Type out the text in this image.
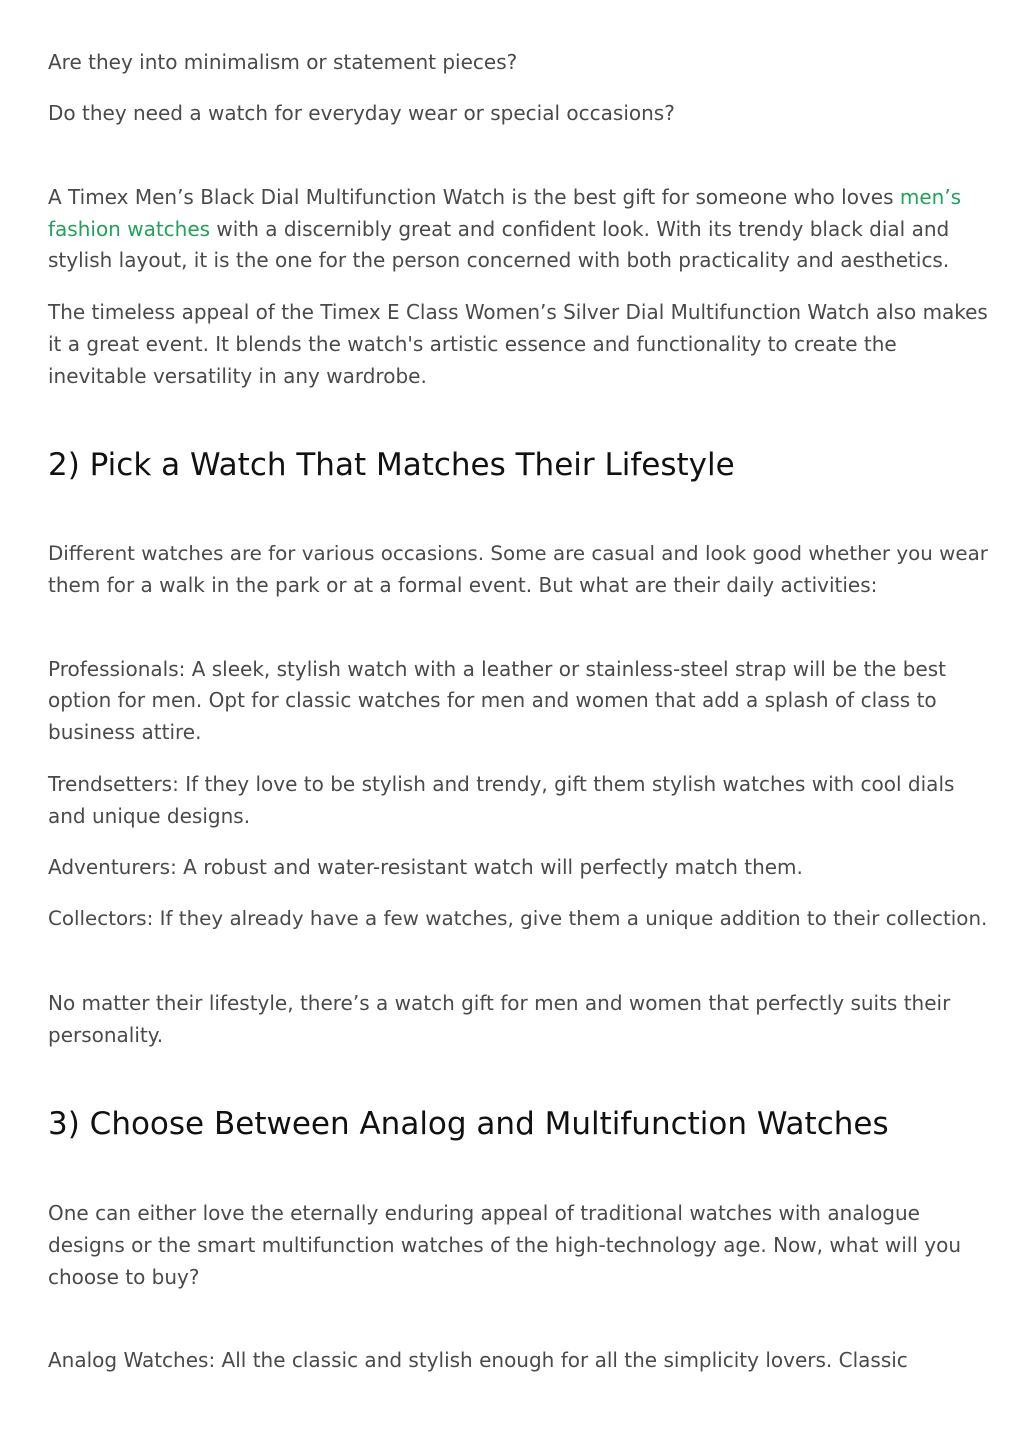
Are they into minimalism or statement pieces?

Do they need a watch for everyday wear or special occasions?

A Timex Men’s Black Dial Multifunction Watch is the best gift for someone who loves men’s

fashion watches with a discernibly great and confident look. With its trendy black dial and

stylish layout, it is the one for the person concerned with both practicality and aesthetics.

The timeless appeal of the Timex E Class Women’s Silver Dial Multifunction Watch also makes

it a great event. It blends the watch's artistic essence and functionality to create the

inevitable versatility in any wardrobe.

2) Pick a Watch That Matches Their Lifestyle

Different watches are for various occasions. Some are casual and look good whether you wear

them for a walk in the park or at a formal event. But what are their daily activities:

Professionals: A sleek, stylish watch with a leather or stainless-steel strap will be the best

option for men. Opt for classic watches for men and women that add a splash of class to

business attire.

Trendsetters: If they love to be stylish and trendy, gift them stylish watches with cool dials

and unique designs.

Adventurers: A robust and water-resistant watch will perfectly match them.

Collectors: If they already have a few watches, give them a unique addition to their collection.

No matter their lifestyle, there’s a watch gift for men and women that perfectly suits their

personality.

3) Choose Between Analog and Multifunction Watches

One can either love the eternally enduring appeal of traditional watches with analogue

designs or the smart multifunction watches of the high-technology age. Now, what will you

choose to buy?

Analog Watches: All the classic and stylish enough for all the simplicity lovers. Classic
